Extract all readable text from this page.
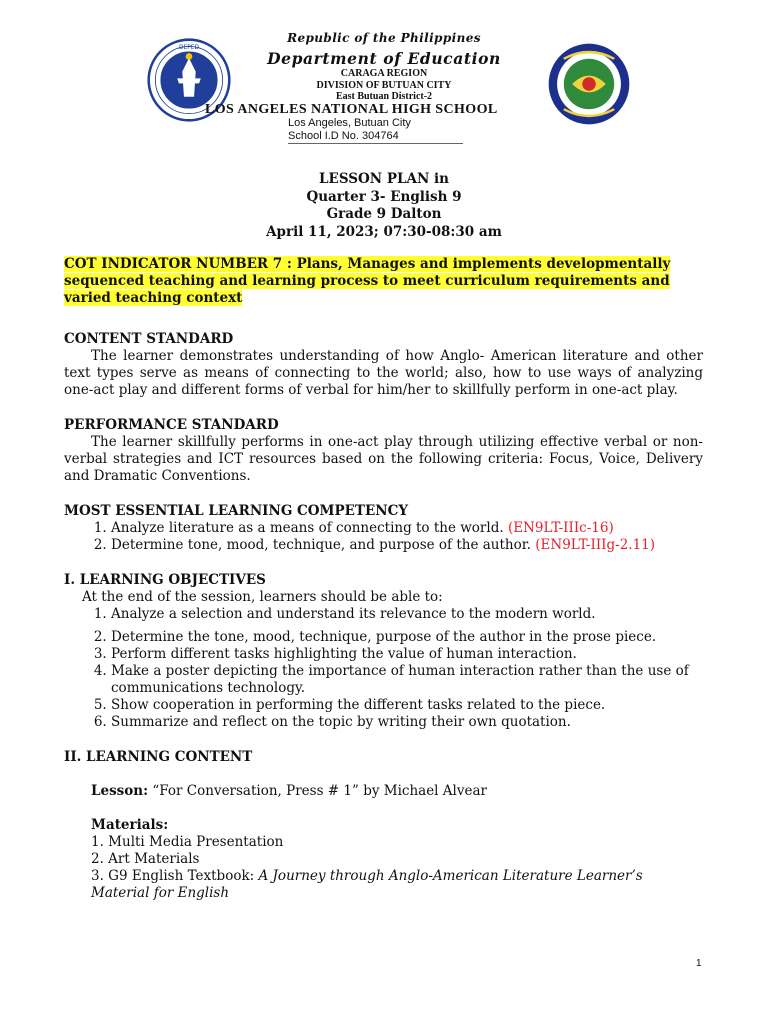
DEPED
Republic of the Philippines
Department of Education
CARAGA REGION
DIVISION OF BUTUAN CITY
East Butuan District-2
LOS ANGELES NATIONAL HIGH SCHOOL
Los Angeles, Butuan City
School I.D No. 304764
LESSON PLAN in
Quarter 3- English 9
Grade 9 Dalton
April 11, 2023; 07:30-08:30 am
COT INDICATOR NUMBER 7 : Plans, Manages and implements developmentally sequenced teaching and learning process to meet curriculum requirements and varied teaching context
CONTENT STANDARD

The learner demonstrates understanding of how Anglo- American literature and other text types serve as means of connecting to the world; also, how to use ways of analyzing one-act play and different forms of verbal for him/her to skillfully perform in one-act play.

PERFORMANCE STANDARD

The learner skillfully performs in one-act play through utilizing effective verbal or non-verbal strategies and ICT resources based on the following criteria: Focus, Voice, Delivery and Dramatic Conventions.

MOST ESSENTIAL LEARNING COMPETENCY
1. Analyze literature as a means of connecting to the world. (EN9LT-IIIc-16)
2. Determine tone, mood, technique, and purpose of the author. (EN9LT-IIIg-2.11)
I. LEARNING OBJECTIVES
At the end of the session, learners should be able to:
1. Analyze a selection and understand its relevance to the modern world.
2. Determine the tone, mood, technique, purpose of the author in the prose piece.
3. Perform different tasks highlighting the value of human interaction.
4. Make a poster depicting the importance of human interaction rather than the use of communications technology.
5. Show cooperation in performing the different tasks related to the piece.
6. Summarize and reflect on the topic by writing their own quotation.
II. LEARNING CONTENT
Lesson: “For Conversation, Press # 1” by Michael Alvear
Materials:
1. Multi Media Presentation
2. Art Materials
3. G9 English Textbook: A Journey through Anglo-American Literature Learner’s Material for English
1
